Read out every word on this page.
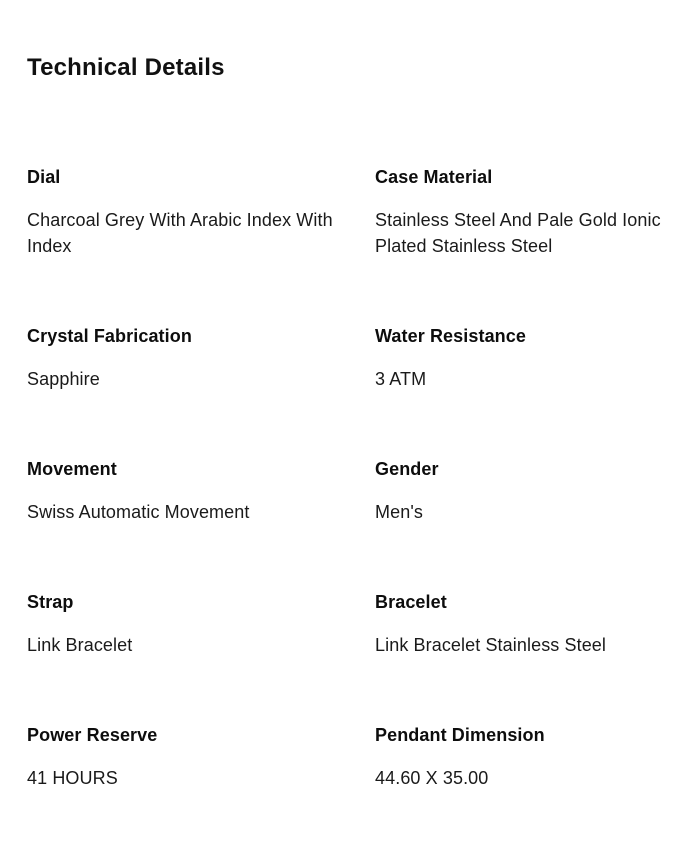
Technical Details
Dial
Charcoal Grey With Arabic Index With Index
Case Material
Stainless Steel And Pale Gold Ionic Plated Stainless Steel
Crystal Fabrication
Sapphire
Water Resistance
3 ATM
Movement
Swiss Automatic Movement
Gender
Men's
Strap
Link Bracelet
Bracelet
Link Bracelet Stainless Steel
Power Reserve
41 HOURS
Pendant Dimension
44.60 X 35.00
